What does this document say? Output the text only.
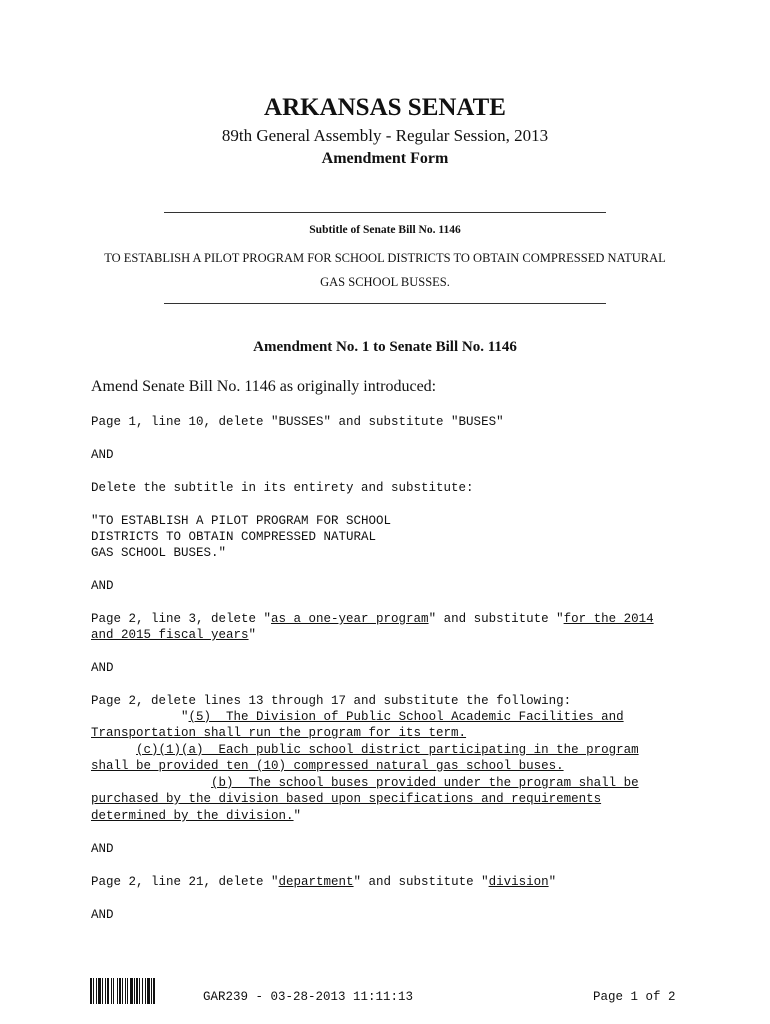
ARKANSAS SENATE
89th General Assembly - Regular Session, 2013
Amendment Form
Subtitle of Senate Bill No. 1146
TO ESTABLISH A PILOT PROGRAM FOR SCHOOL DISTRICTS TO OBTAIN COMPRESSED NATURAL
GAS SCHOOL BUSSES.
Amendment No. 1 to Senate Bill No. 1146
Amend Senate Bill No. 1146 as originally introduced:
Page 1, line 10, delete "BUSSES" and substitute "BUSES"
AND
Delete the subtitle in its entirety and substitute:
"TO ESTABLISH A PILOT PROGRAM FOR SCHOOL
DISTRICTS TO OBTAIN COMPRESSED NATURAL
GAS SCHOOL BUSES."
AND
Page 2, line 3, delete "as a one-year program" and substitute "for the 2014
and 2015 fiscal years"
AND
Page 2, delete lines 13 through 17 and substitute the following:
"(5)  The Division of Public School Academic Facilities and
Transportation shall run the program for its term.
(c)(1)(a)  Each public school district participating in the program
shall be provided ten (10) compressed natural gas school buses.
(b)  The school buses provided under the program shall be
purchased by the division based upon specifications and requirements
determined by the division."
AND
Page 2, line 21, delete "department" and substitute "division"
AND
GAR239 - 03-28-2013 11:11:13	Page 1 of 2
